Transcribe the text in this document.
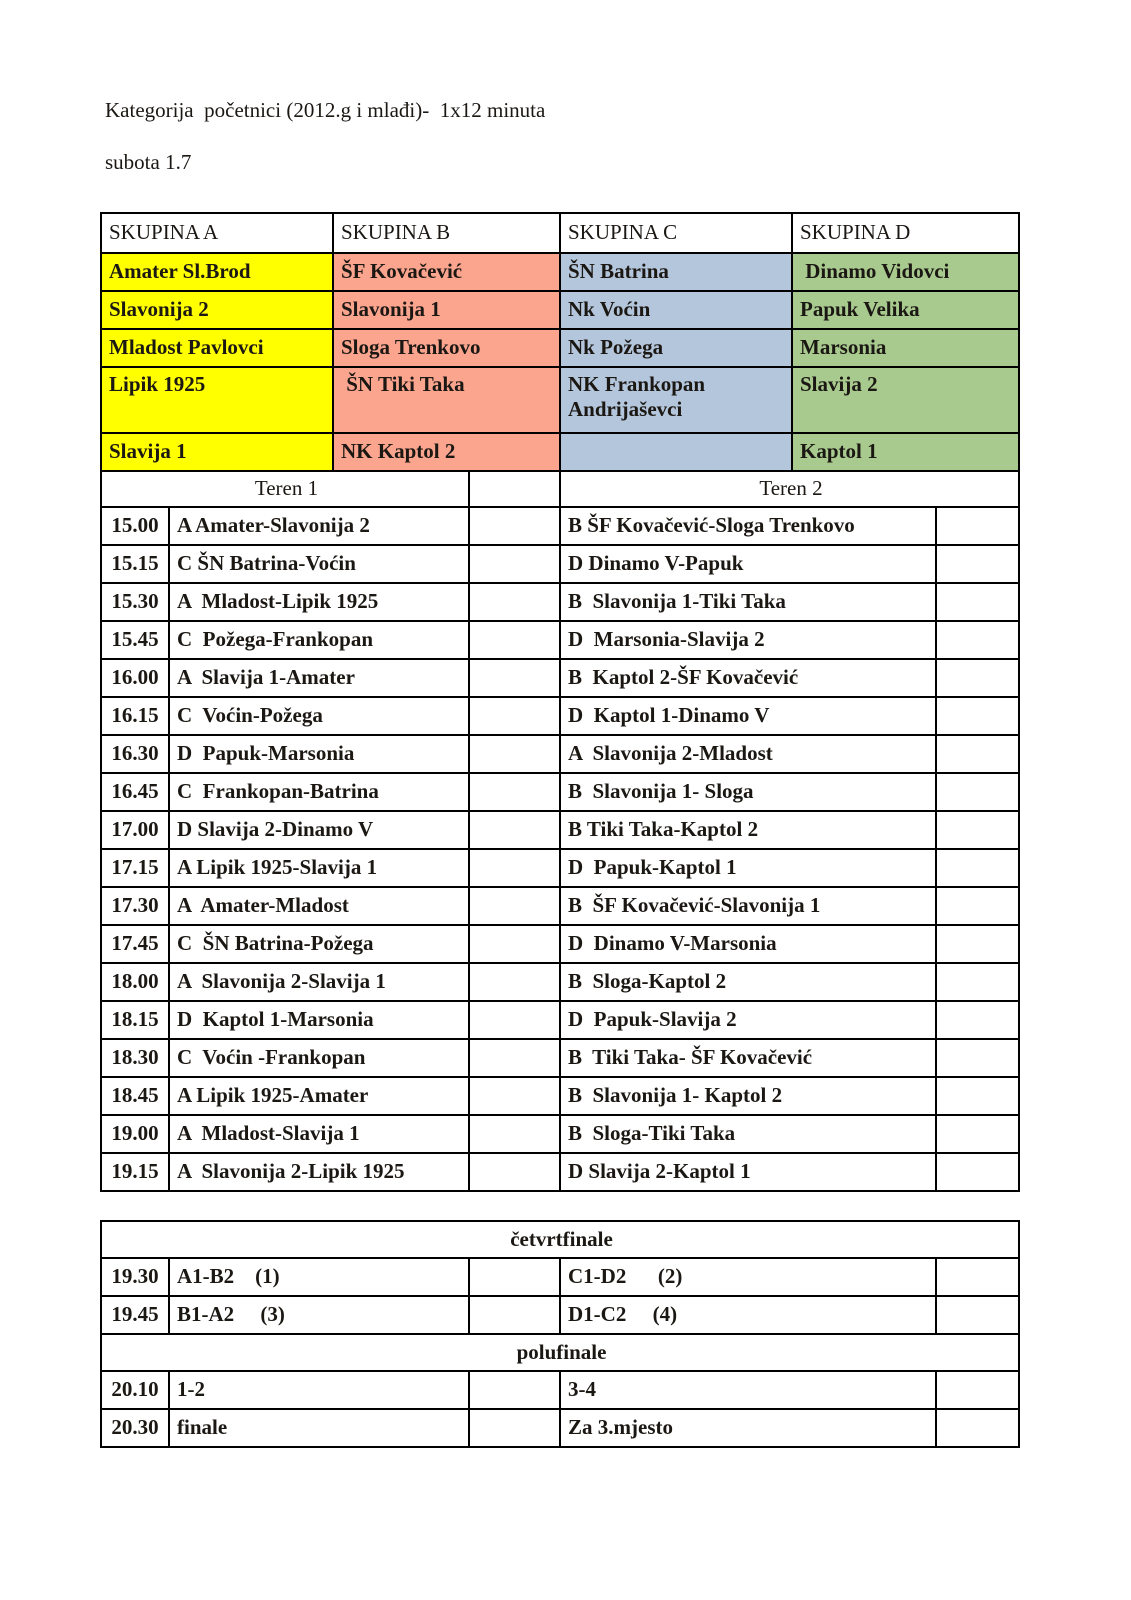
Kategorija  početnici (2012.g i mlađi)-  1x12 minuta
subota 1.7
SKUPINA A	SKUPINA B	SKUPINA C	SKUPINA D
Amater Sl.Brod	ŠF Kovačević	ŠN Batrina	Dinamo Vidovci
Slavonija 2	Slavonija 1	Nk Voćin	Papuk Velika
Mladost Pavlovci	Sloga Trenkovo	Nk Požega	Marsonia
Lipik 1925	ŠN Tiki Taka	NK Frankopan Andrijaševci	Slavija 2
Slavija 1	NK Kaptol 2		Kaptol 1
Teren 1			Teren 2	
15.00	A Amater-Slavonija 2		B ŠF Kovačević-Sloga Trenkovo	
15.15	C ŠN Batrina-Voćin		D Dinamo V-Papuk	
15.30	A  Mladost-Lipik 1925		B  Slavonija 1-Tiki Taka	
15.45	C  Požega-Frankopan		D  Marsonia-Slavija 2	
16.00	A  Slavija 1-Amater		B  Kaptol 2-ŠF Kovačević	
16.15	C  Voćin-Požega		D  Kaptol 1-Dinamo V	
16.30	D  Papuk-Marsonia		A  Slavonija 2-Mladost	
16.45	C  Frankopan-Batrina		B  Slavonija 1- Sloga	
17.00	D Slavija 2-Dinamo V		B Tiki Taka-Kaptol 2	
17.15	A Lipik 1925-Slavija 1		D  Papuk-Kaptol 1	
17.30	A  Amater-Mladost		B  ŠF Kovačević-Slavonija 1	
17.45	C  ŠN Batrina-Požega		D  Dinamo V-Marsonia	
18.00	A  Slavonija 2-Slavija 1		B  Sloga-Kaptol 2	
18.15	D  Kaptol 1-Marsonia		D  Papuk-Slavija 2	
18.30	C  Voćin -Frankopan		B  Tiki Taka- ŠF Kovačević	
18.45	A Lipik 1925-Amater		B  Slavonija 1- Kaptol 2	
19.00	A  Mladost-Slavija 1		B  Sloga-Tiki Taka	
19.15	A  Slavonija 2-Lipik 1925		D Slavija 2-Kaptol 1	
četvrtfinale				
19.30	A1-B2    (1)		C1-D2      (2)	
19.45	B1-A2     (3)		D1-C2     (4)	
polufinale				
20.10	1-2		3-4	
20.30	finale		Za 3.mjesto	
